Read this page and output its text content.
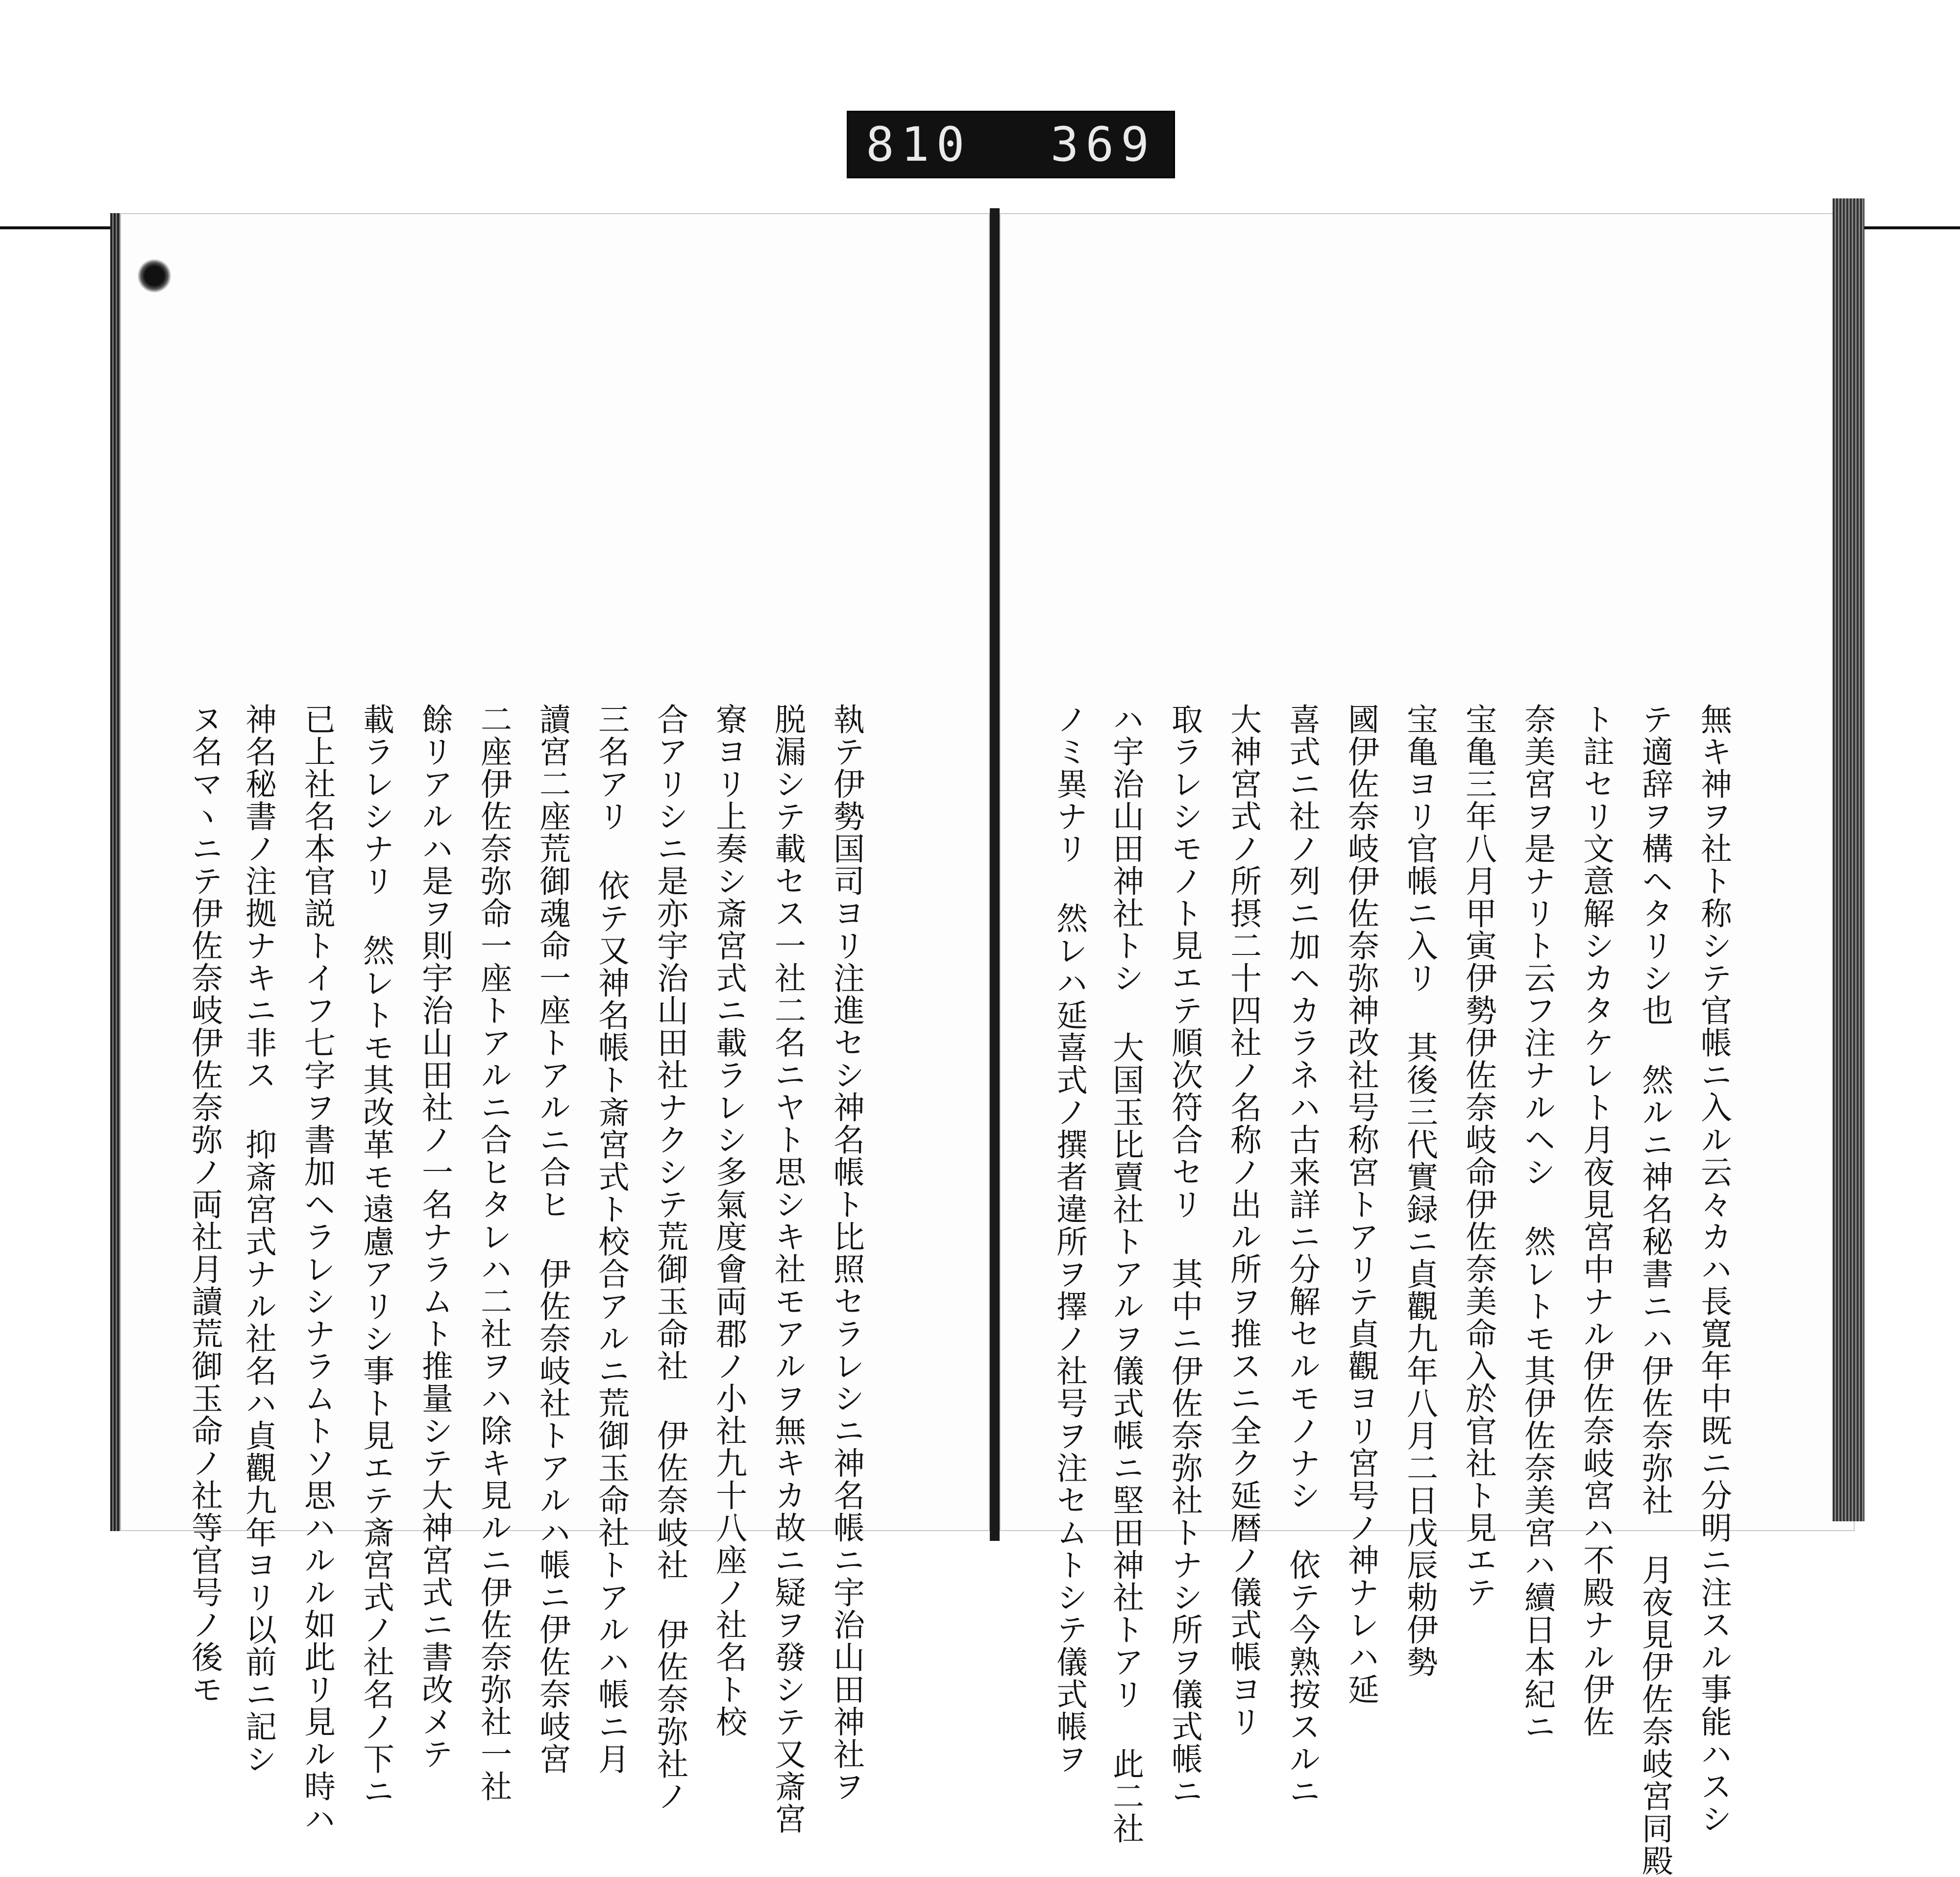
810 369
執テ伊勢国司ヨリ注進セシ神名帳ト比照セラレシニ神名帳ニ宇治山田神社ヲ
脱漏シテ載セス一社二名ニヤト思シキ社モアルヲ無キカ故ニ疑ヲ發シテ又斎宮
寮ヨリ上奏シ斎宮式ニ載ラレシ多氣度會両郡ノ小社九十八座ノ社名ト校
合アリシニ是亦宇治山田社ナクシテ荒御玉命社 伊佐奈岐社 伊佐奈弥社ノ
三名アリ 依テ又神名帳ト斎宮式ト校合アルニ荒御玉命社トアルハ帳ニ月
讀宮二座荒御魂命一座トアルニ合ヒ 伊佐奈岐社トアルハ帳ニ伊佐奈岐宮
二座伊佐奈弥命一座トアルニ合ヒタレハ二社ヲハ除キ見ルニ伊佐奈弥社一社
餘リアルハ是ヲ則宇治山田社ノ一名ナラムト推量シテ大神宮式ニ書改メテ
載ラレシナリ 然レトモ其改革モ遠慮アリシ事ト見エテ斎宮式ノ社名ノ下ニ
已上社名本官説トイフ七字ヲ書加ヘラレシナラムトソ思ハルル如此リ見ル時ハ
神名秘書ノ注拠ナキニ非ス 抑斎宮式ナル社名ハ貞觀九年ヨリ以前ニ記シ
ヌ名マヽニテ伊佐奈岐伊佐奈弥ノ両社月讀荒御玉命ノ社等官号ノ後モ	無キ神ヲ社ト称シテ官帳ニ入ル云々カハ長寛年中既ニ分明ニ注スル事能ハスシ
テ適辞ヲ構ヘタリシ也 然ルニ神名秘書ニハ伊佐奈弥社 月夜見伊佐奈岐宮同殿
ト註セリ文意解シカタケレト月夜見宮中ナル伊佐奈岐宮ハ不殿ナル伊佐
奈美宮ヲ是ナリト云フ注ナルヘシ 然レトモ其伊佐奈美宮ハ續日本紀ニ
宝亀三年八月甲寅伊勢伊佐奈岐命伊佐奈美命入於官社ト見エテ
宝亀ヨリ官帳ニ入リ 其後三代實録ニ貞觀九年八月二日戊辰勅伊勢
國伊佐奈岐伊佐奈弥神改社号称宮トアリテ貞觀ヨリ宮号ノ神ナレハ延
喜式ニ社ノ列ニ加ヘカラネハ古来詳ニ分解セルモノナシ 依テ今熟按スルニ
大神宮式ノ所摂二十四社ノ名称ノ出ル所ヲ推スニ全ク延暦ノ儀式帳ヨリ
取ラレシモノト見エテ順次符合セリ 其中ニ伊佐奈弥社トナシ所ヲ儀式帳ニ
ハ宇治山田神社トシ 大国玉比賣社トアルヲ儀式帳ニ堅田神社トアリ 此二社
ノミ異ナリ 然レハ延喜式ノ撰者違所ヲ擇ノ社号ヲ注セムトシテ儀式帳ヲ
